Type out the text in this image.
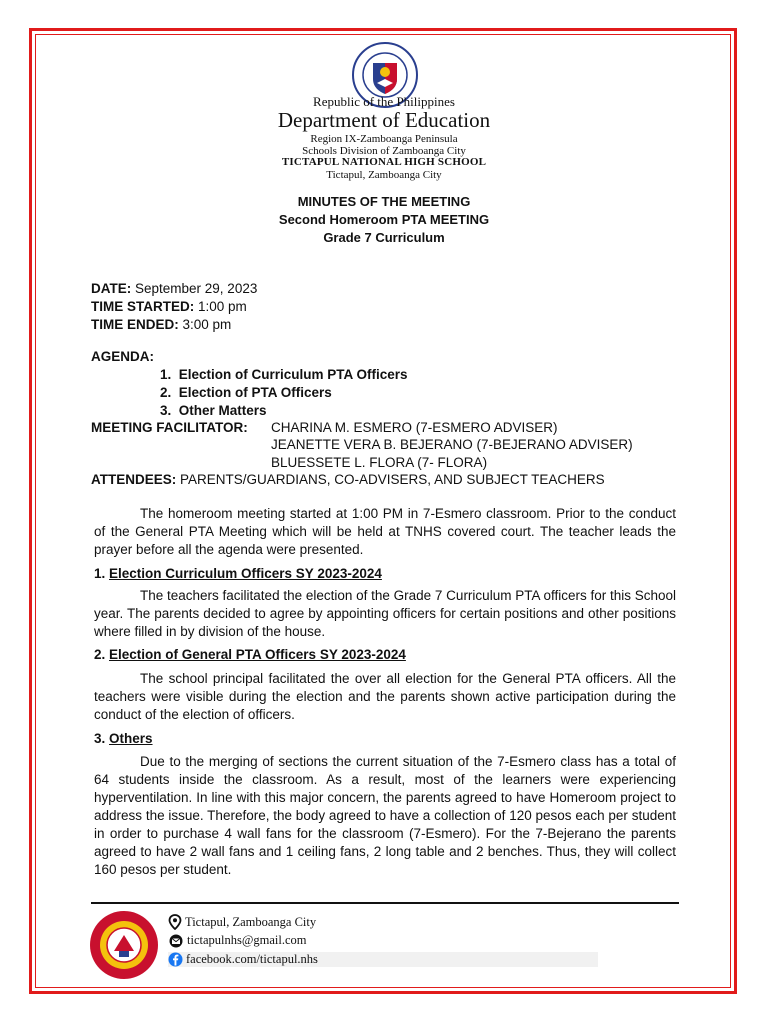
Republic of the Philippines
Department of Education
Region IX-Zamboanga Peninsula
Schools Division of Zamboanga City
TICTAPUL NATIONAL HIGH SCHOOL
Tictapul, Zamboanga City
MINUTES OF THE MEETING
Second Homeroom PTA MEETING
Grade 7 Curriculum
DATE: September 29, 2023
TIME STARTED: 1:00 pm
TIME ENDED: 3:00 pm
AGENDA:
1.  Election of Curriculum PTA Officers
2.  Election of PTA Officers
3.  Other Matters
MEETING FACILITATOR: CHARINA M. ESMERO (7-ESMERO ADVISER)
JEANETTE VERA B. BEJERANO (7-BEJERANO ADVISER)
BLUESSETE L. FLORA (7- FLORA)
ATTENDEES: PARENTS/GUARDIANS, CO-ADVISERS, AND SUBJECT TEACHERS
The homeroom meeting started at 1:00 PM in 7-Esmero classroom. Prior to the conduct of the General PTA Meeting which will be held at TNHS covered court. The teacher leads the prayer before all the agenda were presented.
1. Election Curriculum Officers SY 2023-2024
The teachers facilitated the election of the Grade 7 Curriculum PTA officers for this School year. The parents decided to agree by appointing officers for certain positions and other positions where filled in by division of the house.
2. Election of General PTA Officers SY 2023-2024
The school principal facilitated the over all election for the General PTA officers. All the teachers were visible during the election and the parents shown active participation during the conduct of the election of officers.
3. Others
Due to the merging of sections the current situation of the 7-Esmero class has a total of 64 students inside the classroom. As a result, most of the learners were experiencing hyperventilation. In line with this major concern, the parents agreed to have Homeroom project to address the issue. Therefore, the body agreed to have a collection of 120 pesos each per student in order to purchase 4 wall fans for the classroom (7-Esmero). For the 7-Bejerano the parents agreed to have 2 wall fans and 1 ceiling fans, 2 long table and 2 benches. Thus, they will collect 160 pesos per student.
Tictapul, Zamboanga City
tictapulnhs@gmail.com
facebook.com/tictapul.nhs
